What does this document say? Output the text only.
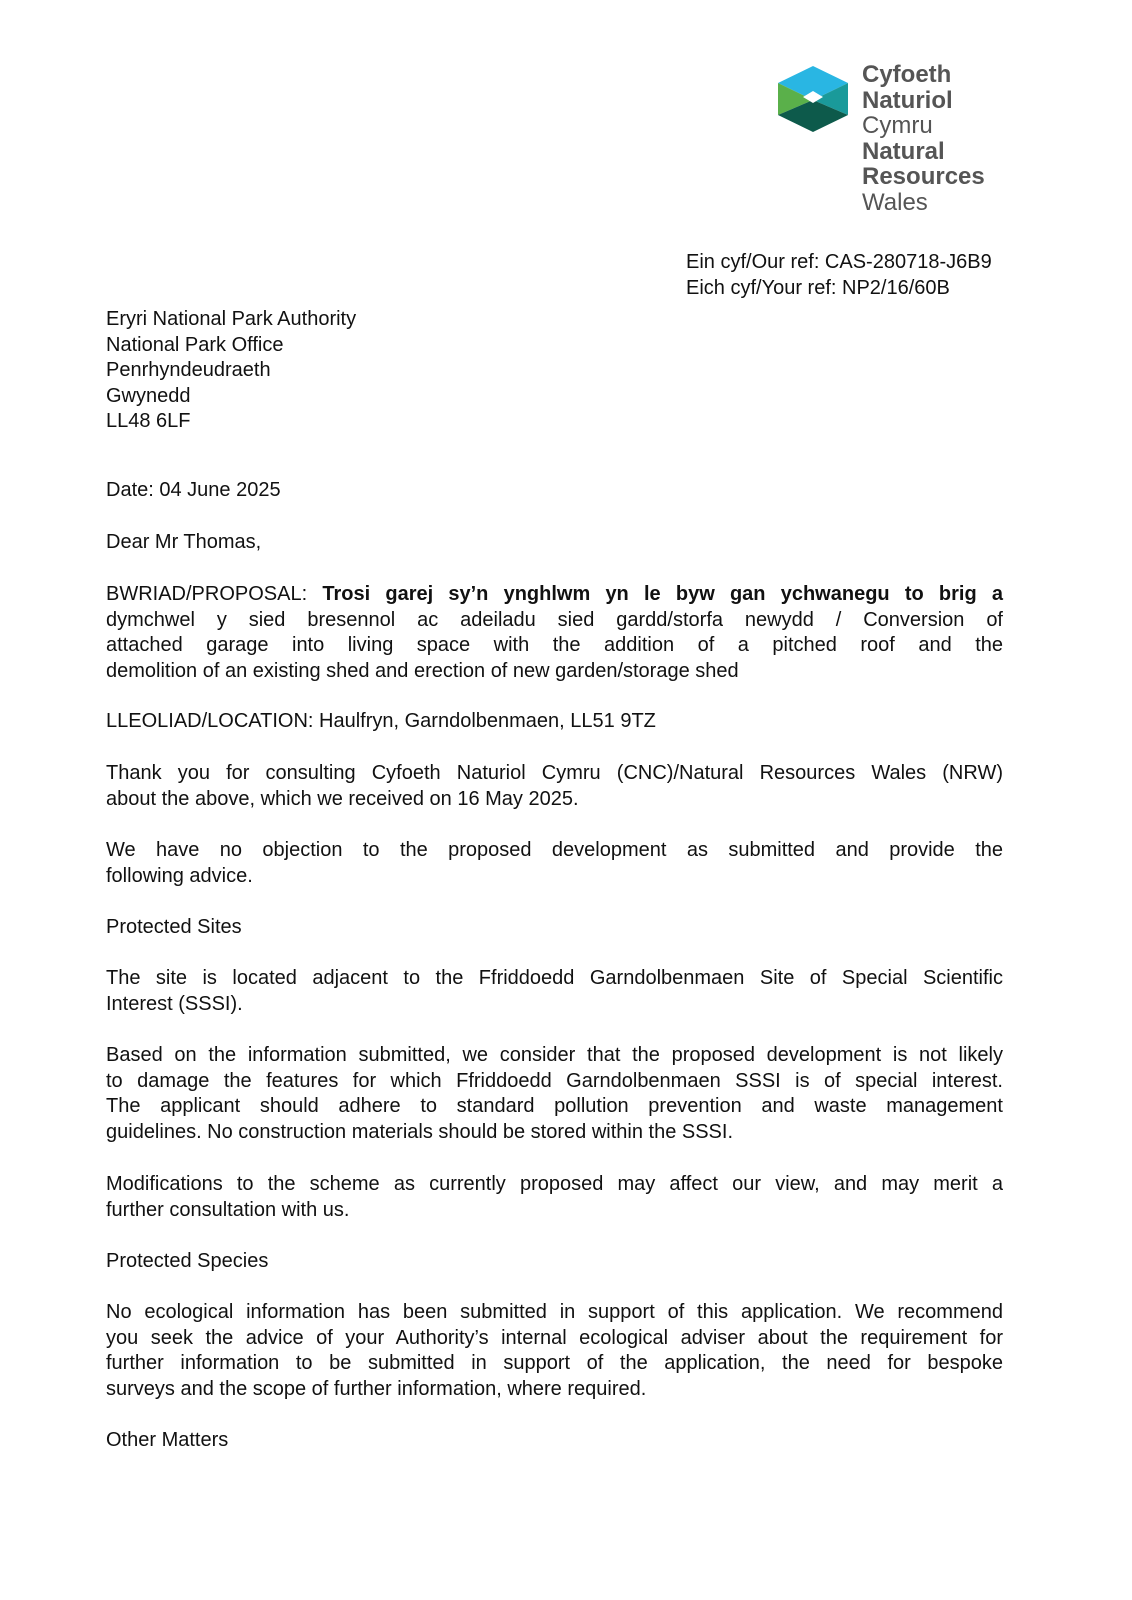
Cyfoeth
Naturiol
Cymru
Natural
Resources
Wales
Ein cyf/Our ref: CAS-280718-J6B9
Eich cyf/Your ref: NP2/16/60B
Eryri National Park Authority
National Park Office
Penrhyndeudraeth
Gwynedd
LL48 6LF
Date: 04 June 2025
Dear Mr Thomas,
BWRIAD/PROPOSAL: Trosi garej sy’n ynghlwm yn le byw gan ychwanegu to brig a
dymchwel y sied bresennol ac adeiladu sied gardd/storfa newydd / Conversion of
attached garage into living space with the addition of a pitched roof and the
demolition of an existing shed and erection of new garden/storage shed
LLEOLIAD/LOCATION: Haulfryn, Garndolbenmaen, LL51 9TZ
Thank you for consulting Cyfoeth Naturiol Cymru (CNC)/Natural Resources Wales (NRW)
about the above, which we received on 16 May 2025.
We have no objection to the proposed development as submitted and provide the
following advice.
Protected Sites
The site is located adjacent to the Ffriddoedd Garndolbenmaen Site of Special Scientific
Interest (SSSI).
Based on the information submitted, we consider that the proposed development is not likely
to damage the features for which Ffriddoedd Garndolbenmaen SSSI is of special interest.
The applicant should adhere to standard pollution prevention and waste management
guidelines. No construction materials should be stored within the SSSI.
Modifications to the scheme as currently proposed may affect our view, and may merit a
further consultation with us.
Protected Species
No ecological information has been submitted in support of this application. We recommend
you seek the advice of your Authority’s internal ecological adviser about the requirement for
further information to be submitted in support of the application, the need for bespoke
surveys and the scope of further information, where required.
Other Matters
